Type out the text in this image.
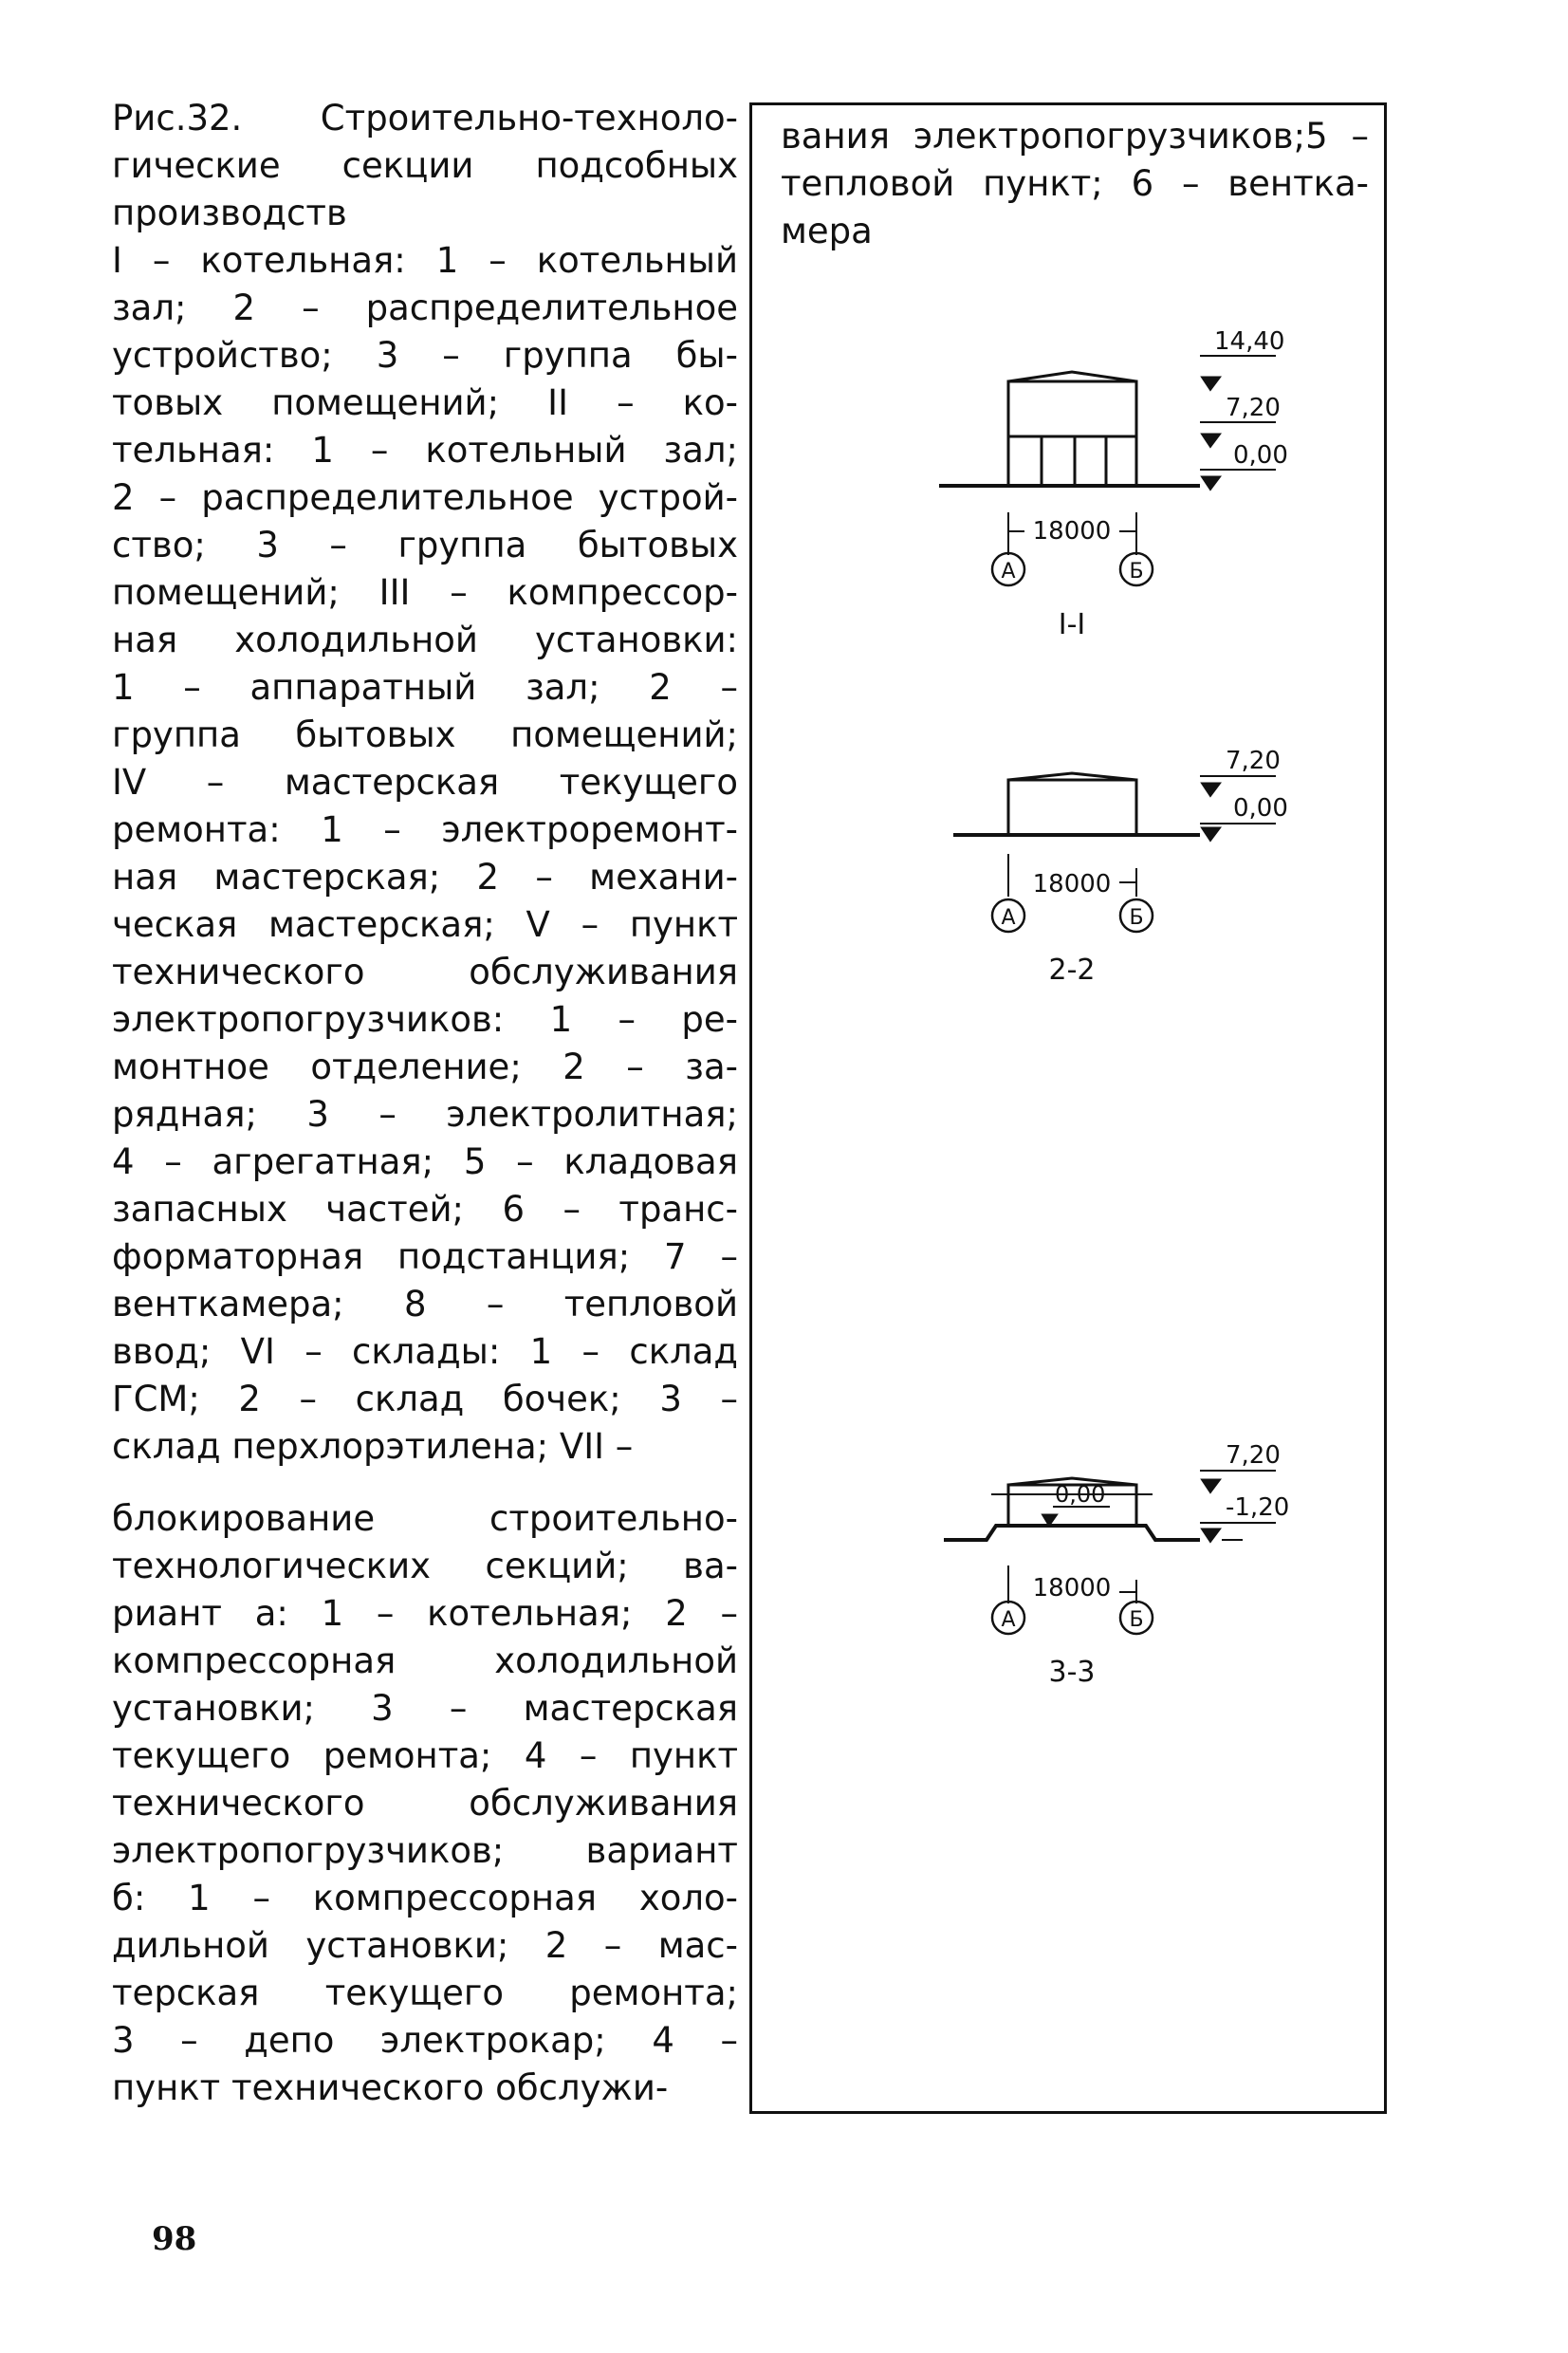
Рис.32. Строительно-техноло-
гические секции подсобных
производств
I – котельная: 1 – котельный
зал; 2 – распределительное
устройство; 3 – группа бы-
товых помещений; II – ко-
тельная: 1 – котельный зал;
2 – распределительное устрой-
ство; 3 – группа бытовых
помещений; III – компрессор-
ная холодильной установки:
1 – аппаратный зал; 2 –
группа бытовых помещений;
IV – мастерская текущего
ремонта: 1 – электроремонт-
ная мастерская; 2 – механи-
ческая мастерская; V – пункт
технического обслуживания
электропогрузчиков: 1 – ре-
монтное отделение; 2 – за-
рядная; 3 – электролитная;
4 – агрегатная; 5 – кладовая
запасных частей; 6 – транс-
форматорная подстанция; 7 –
венткамера; 8 – тепловой
ввод; VI – склады: 1 – склад
ГСМ; 2 – склад бочек; 3 –
склад перхлорэтилена; VII –
блокирование строительно-
технологических секций; ва-
риант а: 1 – котельная; 2 –
компрессорная холодильной
установки; 3 – мастерская
текущего ремонта; 4 – пункт
технического обслуживания
электропогрузчиков; вариант
б: 1 – компрессорная холо-
дильной установки; 2 – мас-
терская текущего ремонта;
3 – депо электрокар; 4 –
пункт технического обслужи-
вания электропогрузчиков;5 –
тепловой пункт; 6 – вентка-
мера
18000
А	Б
I-I
14,40
7,20
0,00
18000
А	Б
2-2
7,20
0,00
18000
А	Б
3-3
7,20
0,00	-1,20
98
